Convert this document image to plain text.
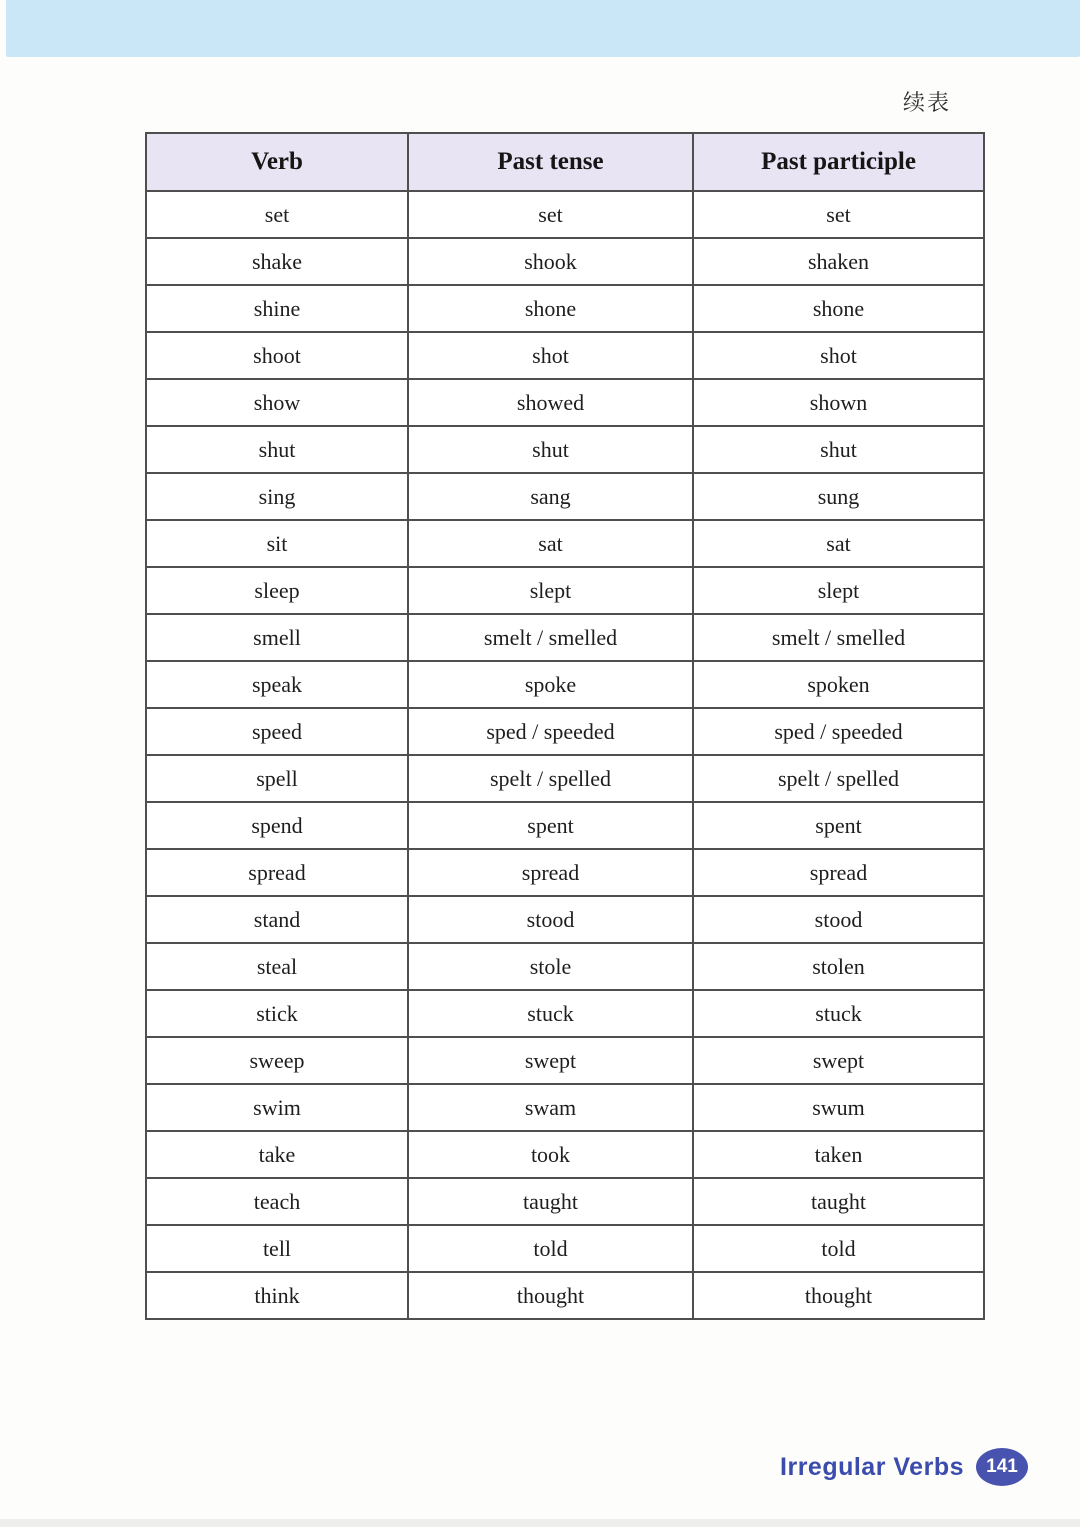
续表
Verb	Past tense	Past participle
set	set	set
shake	shook	shaken
shine	shone	shone
shoot	shot	shot
show	showed	shown
shut	shut	shut
sing	sang	sung
sit	sat	sat
sleep	slept	slept
smell	smelt / smelled	smelt / smelled
speak	spoke	spoken
speed	sped / speeded	sped / speeded
spell	spelt / spelled	spelt / spelled
spend	spent	spent
spread	spread	spread
stand	stood	stood
steal	stole	stolen
stick	stuck	stuck
sweep	swept	swept
swim	swam	swum
take	took	taken
teach	taught	taught
tell	told	told
think	thought	thought
Irregular Verbs	141
